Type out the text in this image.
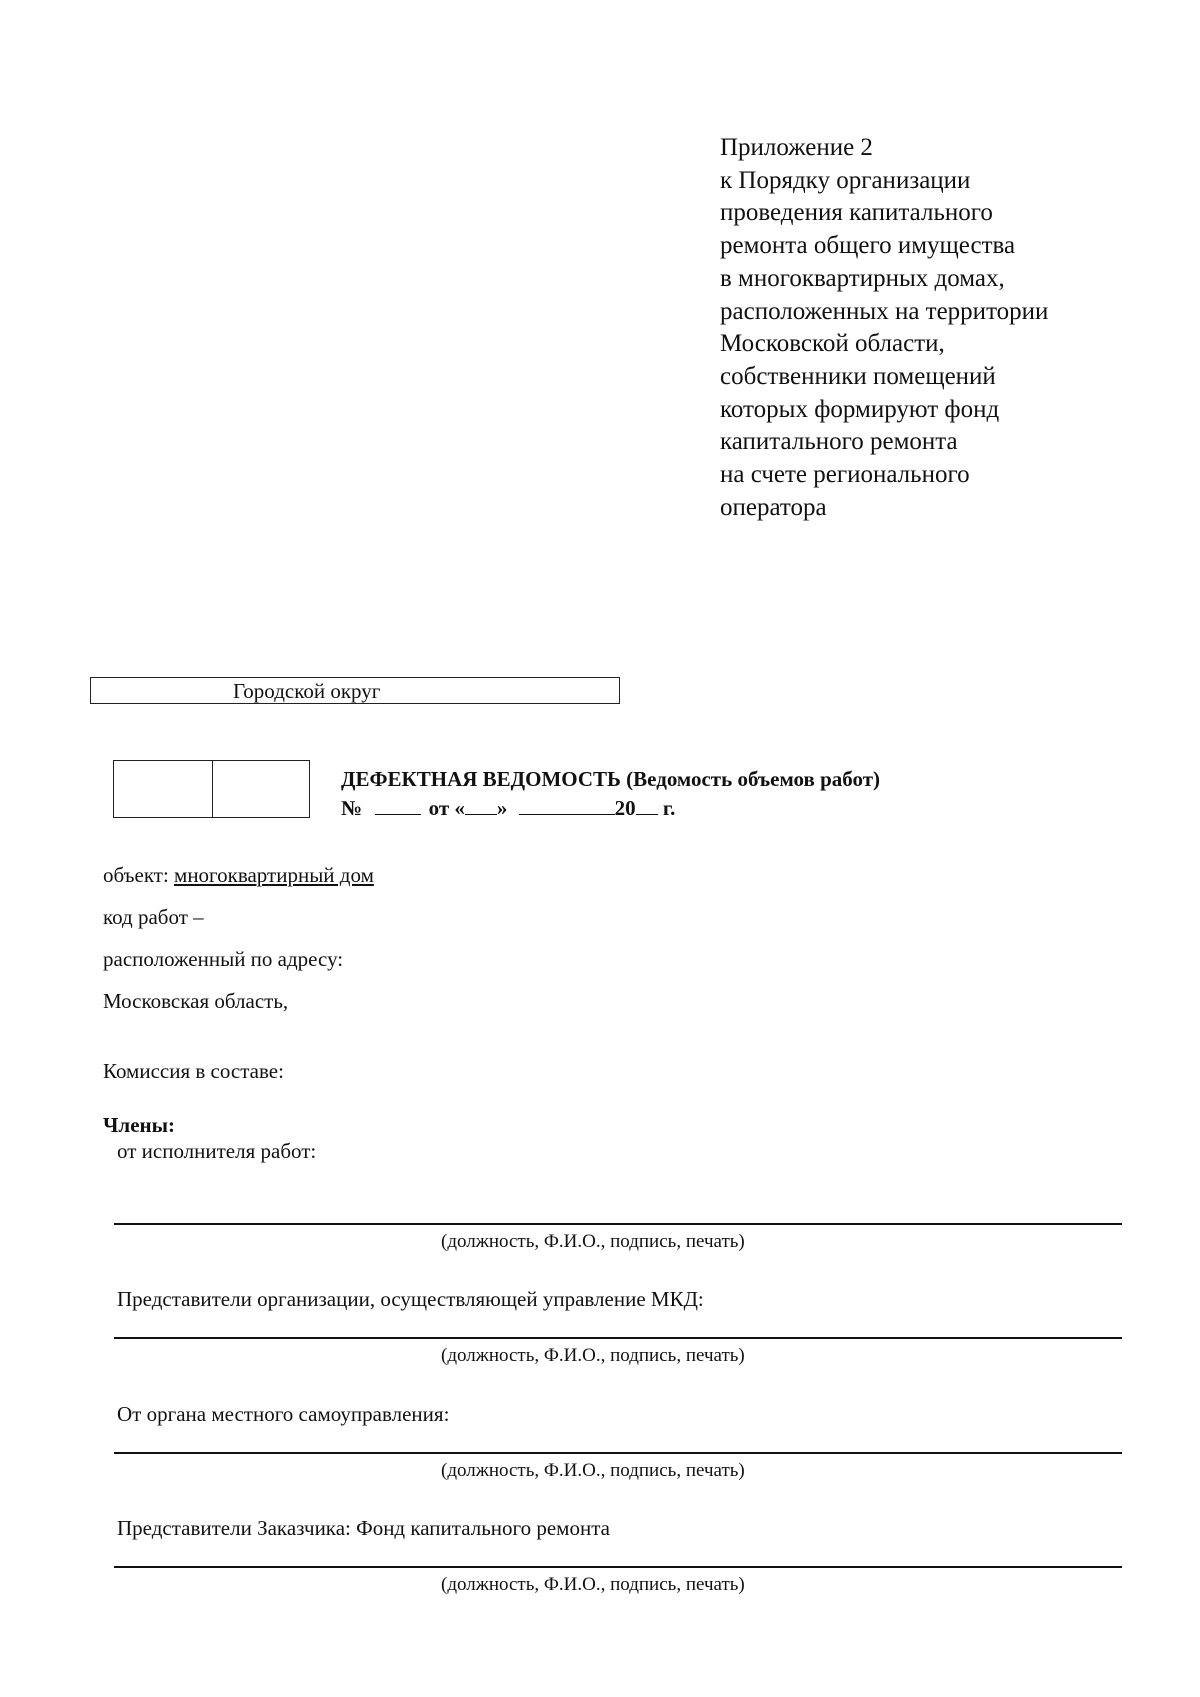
Приложение 2
к Порядку организации
проведения капитального
ремонта общего имущества
в многоквартирных домах,
расположенных на территории
Московской области,
собственники помещений
которых формируют фонд
капитального ремонта
на счете регионального
оператора
Городской округ
ДЕФЕКТНАЯ ВЕДОМОСТЬ (Ведомость объемов работ)
№	от « »	20 г.
объект: многоквартирный дом
код работ –
расположенный по адресу:
Московская область,
Комиссия в составе:
Члены:
от исполнителя работ:
(должность, Ф.И.О., подпись, печать)
Представители организации, осуществляющей управление МКД:
(должность, Ф.И.О., подпись, печать)
От органа местного самоуправления:
(должность, Ф.И.О., подпись, печать)
Представители Заказчика: Фонд капитального ремонта
(должность, Ф.И.О., подпись, печать)
